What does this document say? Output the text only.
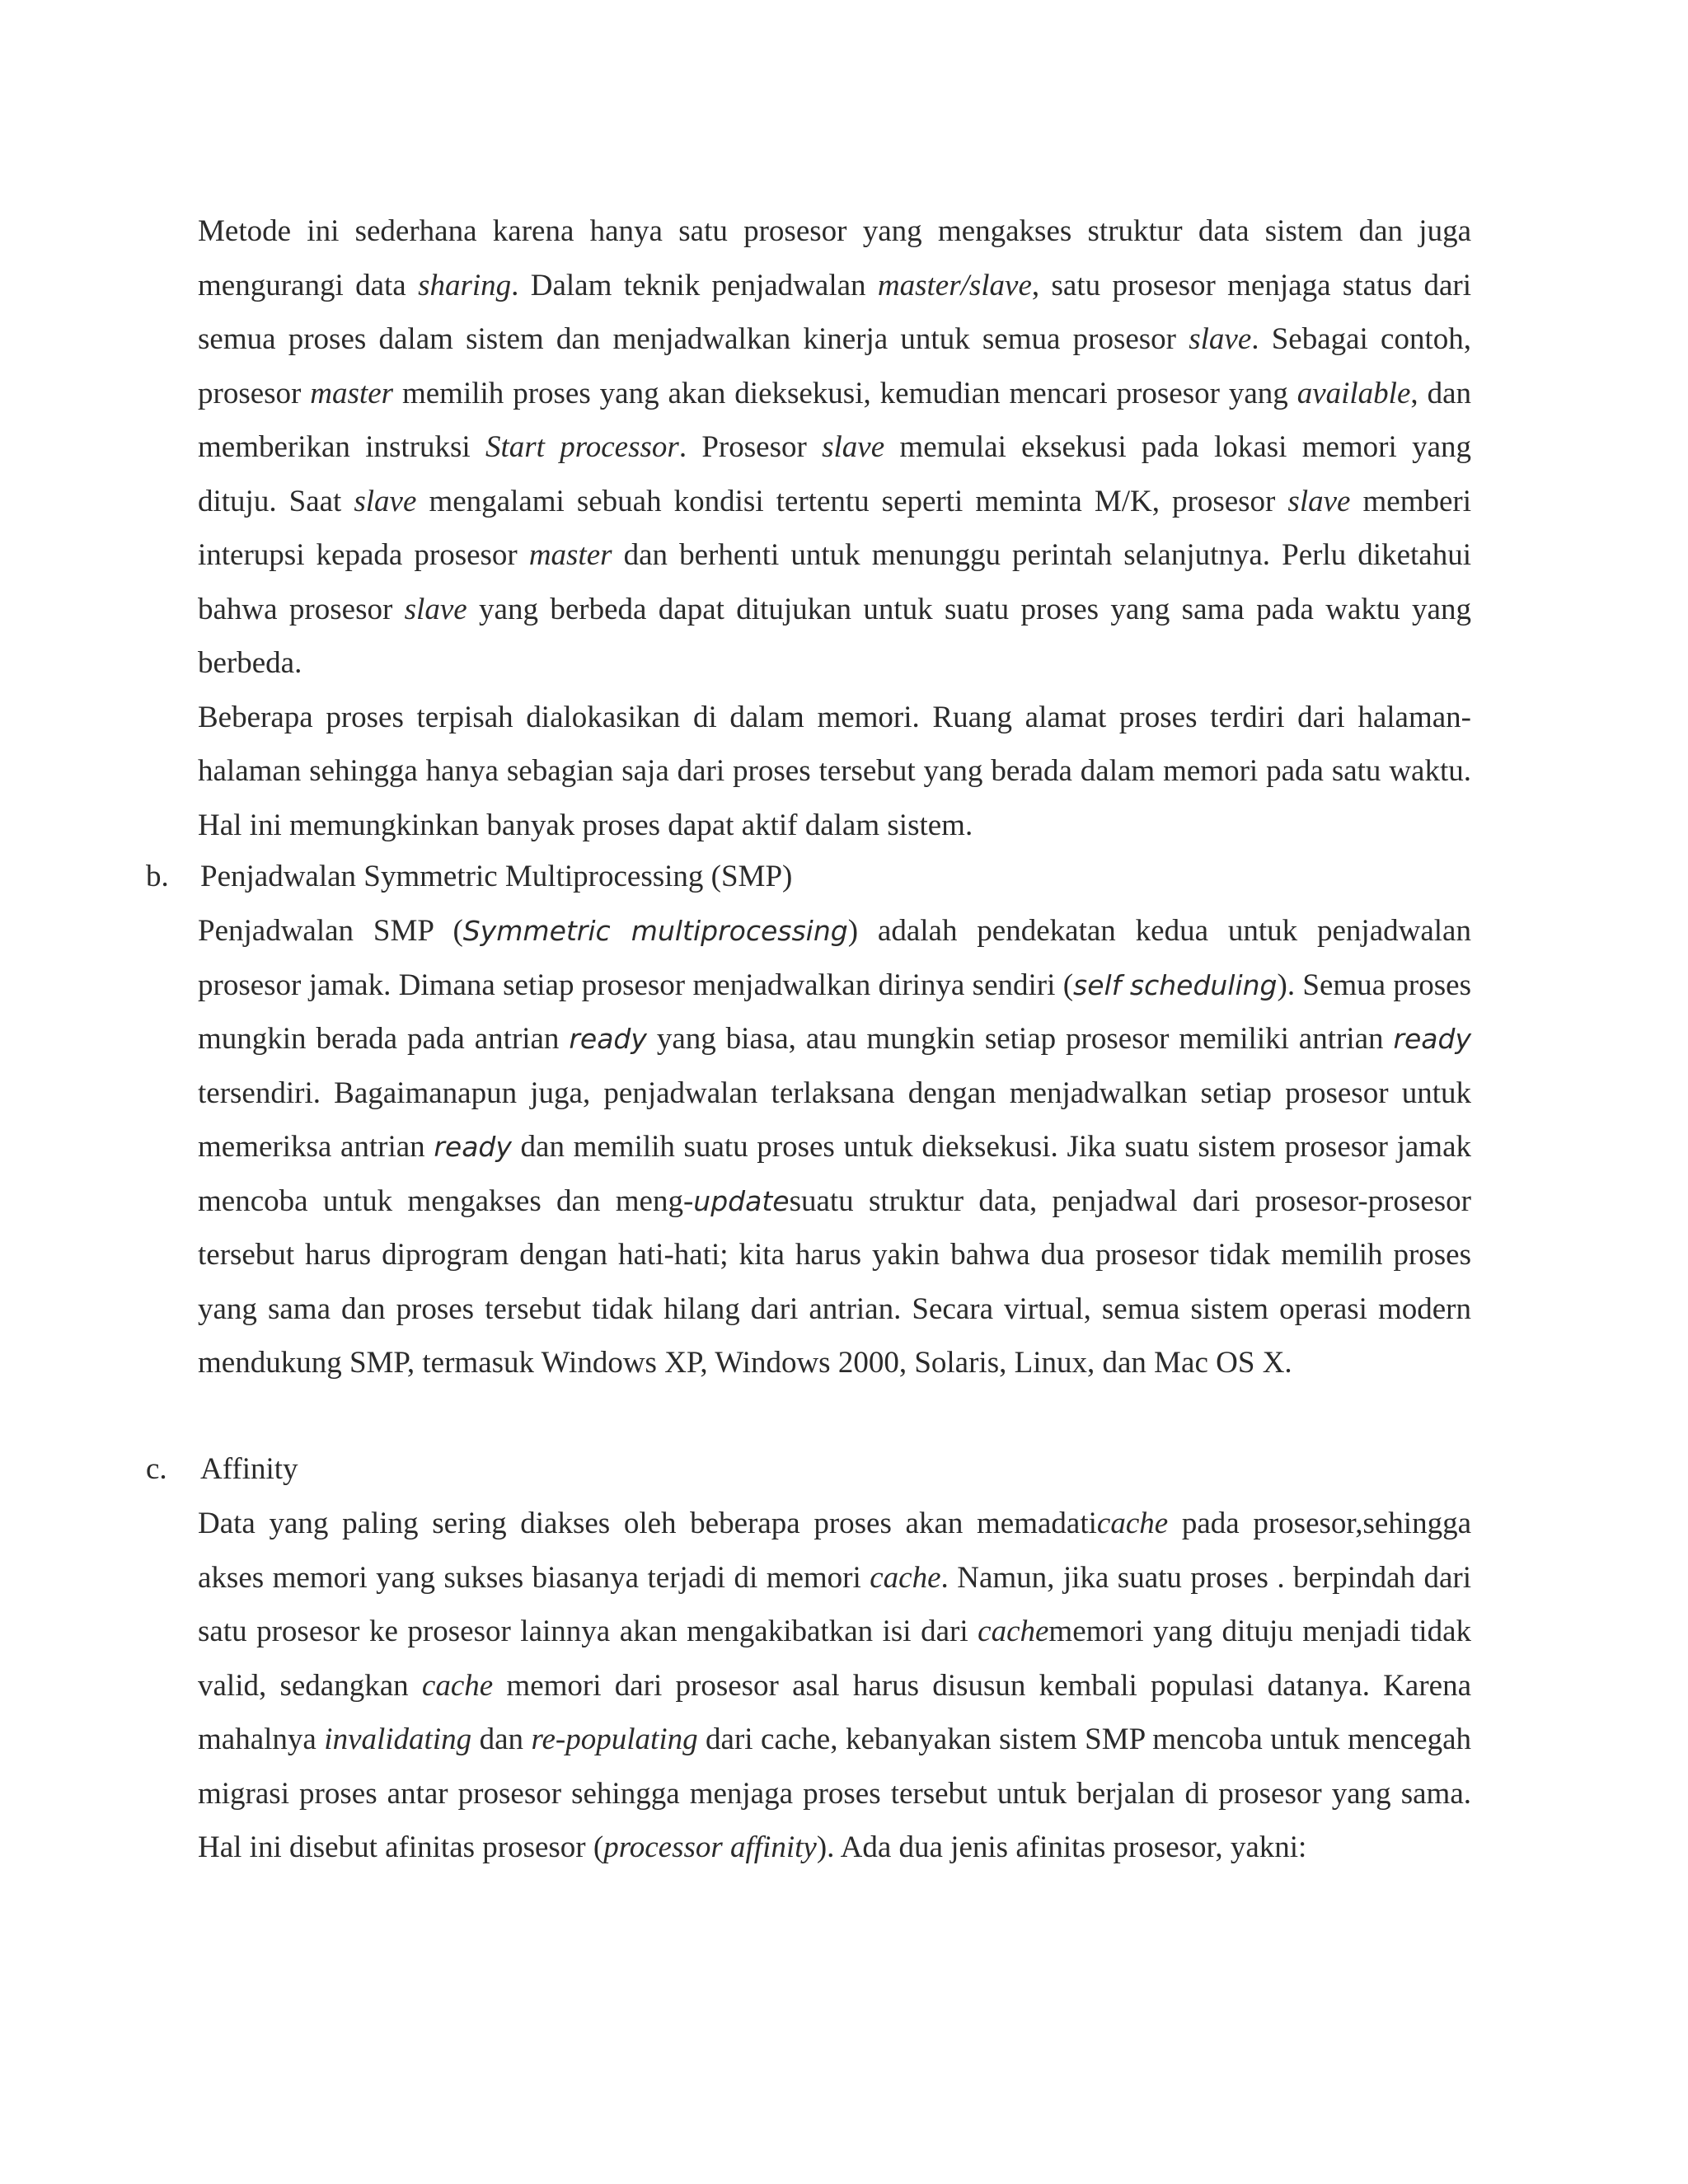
Metode ini sederhana karena hanya satu prosesor yang mengakses struktur data sistem dan juga mengurangi data sharing. Dalam teknik penjadwalan master/slave, satu prosesor menjaga status dari semua proses dalam sistem dan menjadwalkan kinerja untuk semua prosesor slave. Sebagai contoh, prosesor master memilih proses yang akan dieksekusi, kemudian mencari prosesor yang available, dan memberikan instruksi Start processor. Prosesor slave memulai eksekusi pada lokasi memori yang dituju. Saat slave mengalami sebuah kondisi tertentu seperti meminta M/K, prosesor slave memberi interupsi kepada prosesor master dan berhenti untuk menunggu perintah selanjutnya. Perlu diketahui bahwa prosesor slave yang berbeda dapat ditujukan untuk suatu proses yang sama pada waktu yang berbeda.

Beberapa proses terpisah dialokasikan di dalam memori. Ruang alamat proses terdiri dari halaman-halaman sehingga hanya sebagian saja dari proses tersebut yang berada dalam memori pada satu waktu. Hal ini memungkinkan banyak proses dapat aktif dalam sistem.

b. Penjadwalan Symmetric Multiprocessing (SMP)

Penjadwalan SMP (Symmetric multiprocessing) adalah pendekatan kedua untuk penjadwalan prosesor jamak. Dimana setiap prosesor menjadwalkan dirinya sendiri (self scheduling). Semua proses mungkin berada pada antrian ready yang biasa, atau mungkin setiap prosesor memiliki antrian ready tersendiri. Bagaimanapun juga, penjadwalan terlaksana dengan menjadwalkan setiap prosesor untuk memeriksa antrian ready dan memilih suatu proses untuk dieksekusi. Jika suatu sistem prosesor jamak mencoba untuk mengakses dan meng-updatesuatu struktur data, penjadwal dari prosesor-prosesor tersebut harus diprogram dengan hati-hati; kita harus yakin bahwa dua prosesor tidak memilih proses yang sama dan proses tersebut tidak hilang dari antrian. Secara virtual, semua sistem operasi modern mendukung SMP, termasuk Windows XP, Windows 2000, Solaris, Linux, dan Mac OS X.

c. Affinity

Data yang paling sering diakses oleh beberapa proses akan memadaticache pada prosesor,sehingga akses memori yang sukses biasanya terjadi di memori cache. Namun, jika suatu proses . berpindah dari satu prosesor ke prosesor lainnya akan mengakibatkan isi dari cachememori yang dituju menjadi tidak valid, sedangkan cache memori dari prosesor asal harus disusun kembali populasi datanya. Karena mahalnya invalidating dan re-populating dari cache, kebanyakan sistem SMP mencoba untuk mencegah migrasi proses antar prosesor sehingga menjaga proses tersebut untuk berjalan di prosesor yang sama. Hal ini disebut afinitas prosesor (processor affinity). Ada dua jenis afinitas prosesor, yakni:
